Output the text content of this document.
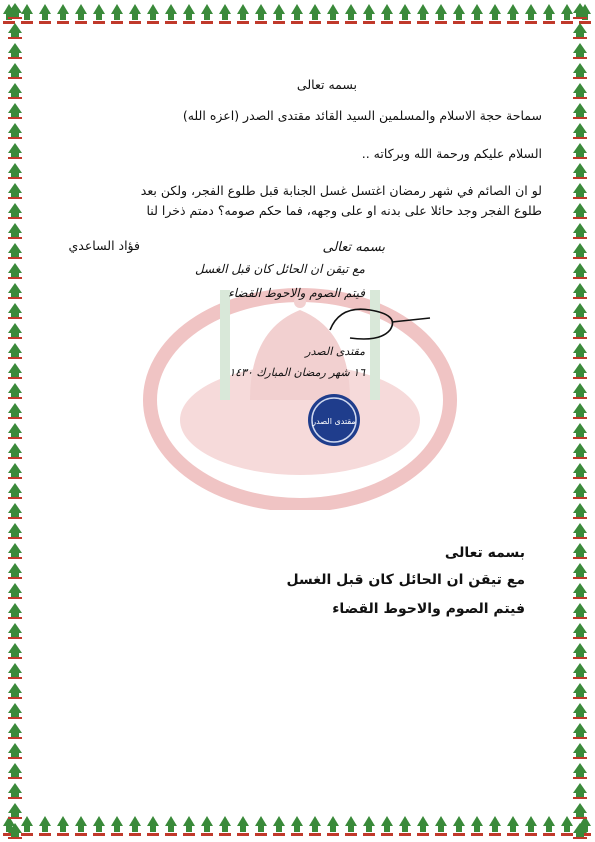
بسمه تعالى
سماحة حجة الاسلام والمسلمين السيد القائد مقتدى الصدر (اعزه الله)
السلام عليكم ورحمة الله وبركاته ..
لو ان الصائم في شهر رمضان اغتسل غسل الجنابة قبل طلوع الفجر، ولكن بعد
طلوع الفجر وجد حائلا على بدنه او على وجهه، فما حكم صومه؟ دمتم ذخرا لنا
فؤاد الساعدي	بسمه تعالى
مع تيقن ان الحائل كان قبل الغسل
فيتم الصوم والاحوط القضاء
مقتدى الصدر
١٦ شهر رمضان المبارك ١٤٣٠
مقتدى الصدر
بسمه تعالى
مع تيقن ان الحائل كان قبل الغسل
فيتم الصوم والاحوط القضاء
